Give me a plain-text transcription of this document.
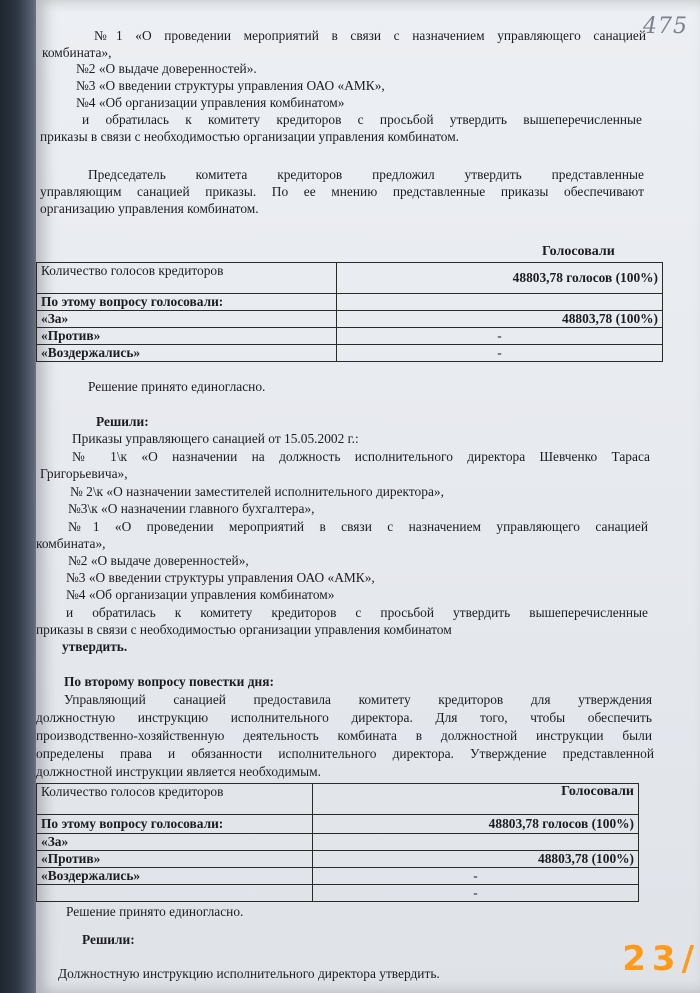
475
№1 «О проведении мероприятий в связи с назначением управляющего санацией
комбината»,
№2 «О выдаче доверенностей».
№3 «О введении структуры управления ОАО «АМК»,
№4 «Об организации управления комбинатом»
и обратилась к комитету кредиторов с просьбой утвердить вышеперечисленные
приказы в связи с необходимостью организации управления комбинатом.
Председатель комитета кредиторов предложил утвердить представленные
управляющим санацией приказы. По ее мнению представленные приказы обеспечивают
организацию управления комбинатом.
Голосовали
Количество голосов кредиторов	48803,78 голосов (100%)
По этому вопросу голосовали:	
«За»	48803,78 (100%)
«Против»	-
«Воздержались»	-
Решение принято единогласно.
Решили:
Приказы управляющего санацией от 15.05.2002 г.:
№ 1\к «О назначении на должность исполнительного директора Шевченко Тараса
Григорьевича»,
№ 2\к «О назначении заместителей исполнительного директора»,
№3\к «О назначении главного бухгалтера»,
№1 «О проведении мероприятий в связи с назначением управляющего санацией
комбината»,
№2 «О выдаче доверенностей»,
№3 «О введении структуры управления ОАО «АМК»,
№4 «Об организации управления комбинатом»
и обратилась к комитету кредиторов с просьбой утвердить вышеперечисленные
приказы в связи с необходимостью организации управления комбинатом
утвердить.
По второму вопросу повестки дня:
Управляющий санацией предоставила комитету кредиторов для утверждения
должностную инструкцию исполнительного директора. Для того, чтобы обеспечить
производственно-хозяйственную деятельность комбината в должностной инструкции были
определены права и обязанности исполнительного директора. Утверждение представленной
должностной инструкции является необходимым.
Количество голосов кредиторов	Голосовали
По этому вопросу голосовали:	48803,78 голосов (100%)
«За»	
«Против»	48803,78 (100%)
«Воздержались»	-
	-
Решение принято единогласно.
Решили:
Должностную инструкцию исполнительного директора утвердить.	23/
